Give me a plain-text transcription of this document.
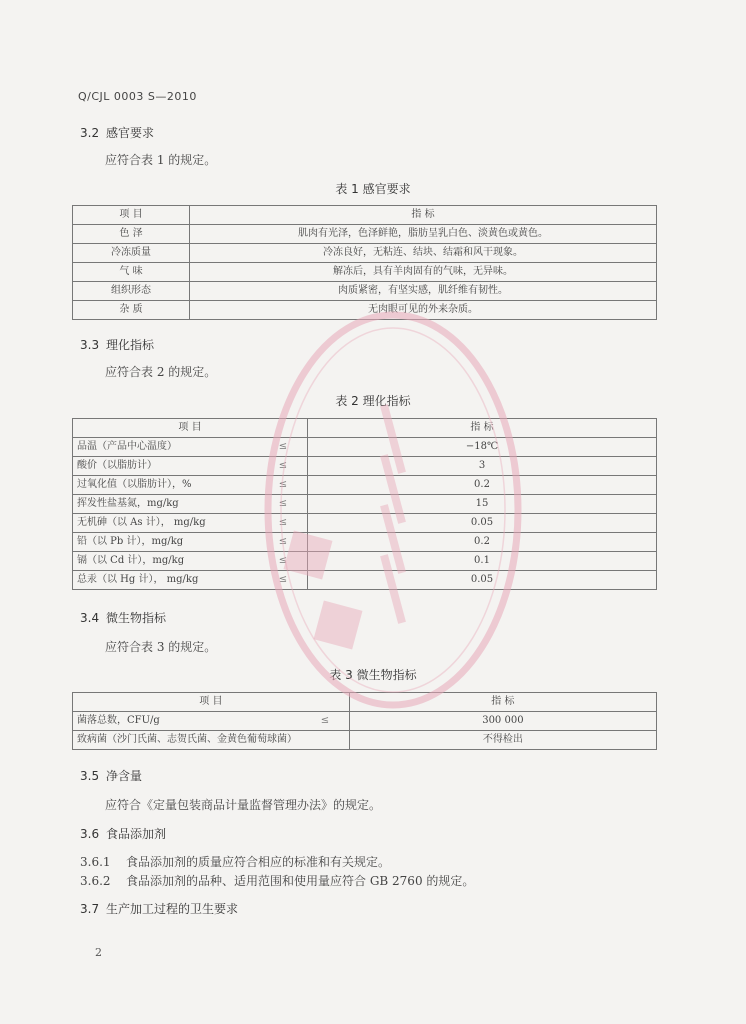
Q/CJL 0003 S—2010
3.2 感官要求
应符合表 1 的规定。
表 1 感官要求
项 目	指 标
色 泽	肌肉有光泽，色泽鲜艳，脂肪呈乳白色、淡黄色或黄色。
冷冻质量	冷冻良好，无粘连、结块、结霜和风干现象。
气 味	解冻后，具有羊肉固有的气味，无异味。
组织形态	肉质紧密，有坚实感，肌纤维有韧性。
杂 质	无肉眼可见的外来杂质。
3.3 理化指标
应符合表 2 的规定。
表 2 理化指标
项 目		指 标
品温（产品中心温度）	≤	−18℃
酸价（以脂肪计）	≤	3
过氧化值（以脂肪计），%	≤	0.2
挥发性盐基氮，mg/kg	≤	15
无机砷（以 As 计）， mg/kg	≤	0.05
铅（以 Pb 计），mg/kg	≤	0.2
镉（以 Cd 计），mg/kg	≤	0.1
总汞（以 Hg 计）， mg/kg	≤	0.05
3.4 微生物指标
应符合表 3 的规定。
表 3 微生物指标
项 目		指 标
菌落总数，CFU/g	≤	300 000
致病菌（沙门氏菌、志贺氏菌、金黄色葡萄球菌）		不得检出
3.5 净含量
应符合《定量包装商品计量监督管理办法》的规定。
3.6 食品添加剂
3.6.1 食品添加剂的质量应符合相应的标准和有关规定。
3.6.2 食品添加剂的品种、适用范围和使用量应符合 GB 2760 的规定。
3.7 生产加工过程的卫生要求
2
